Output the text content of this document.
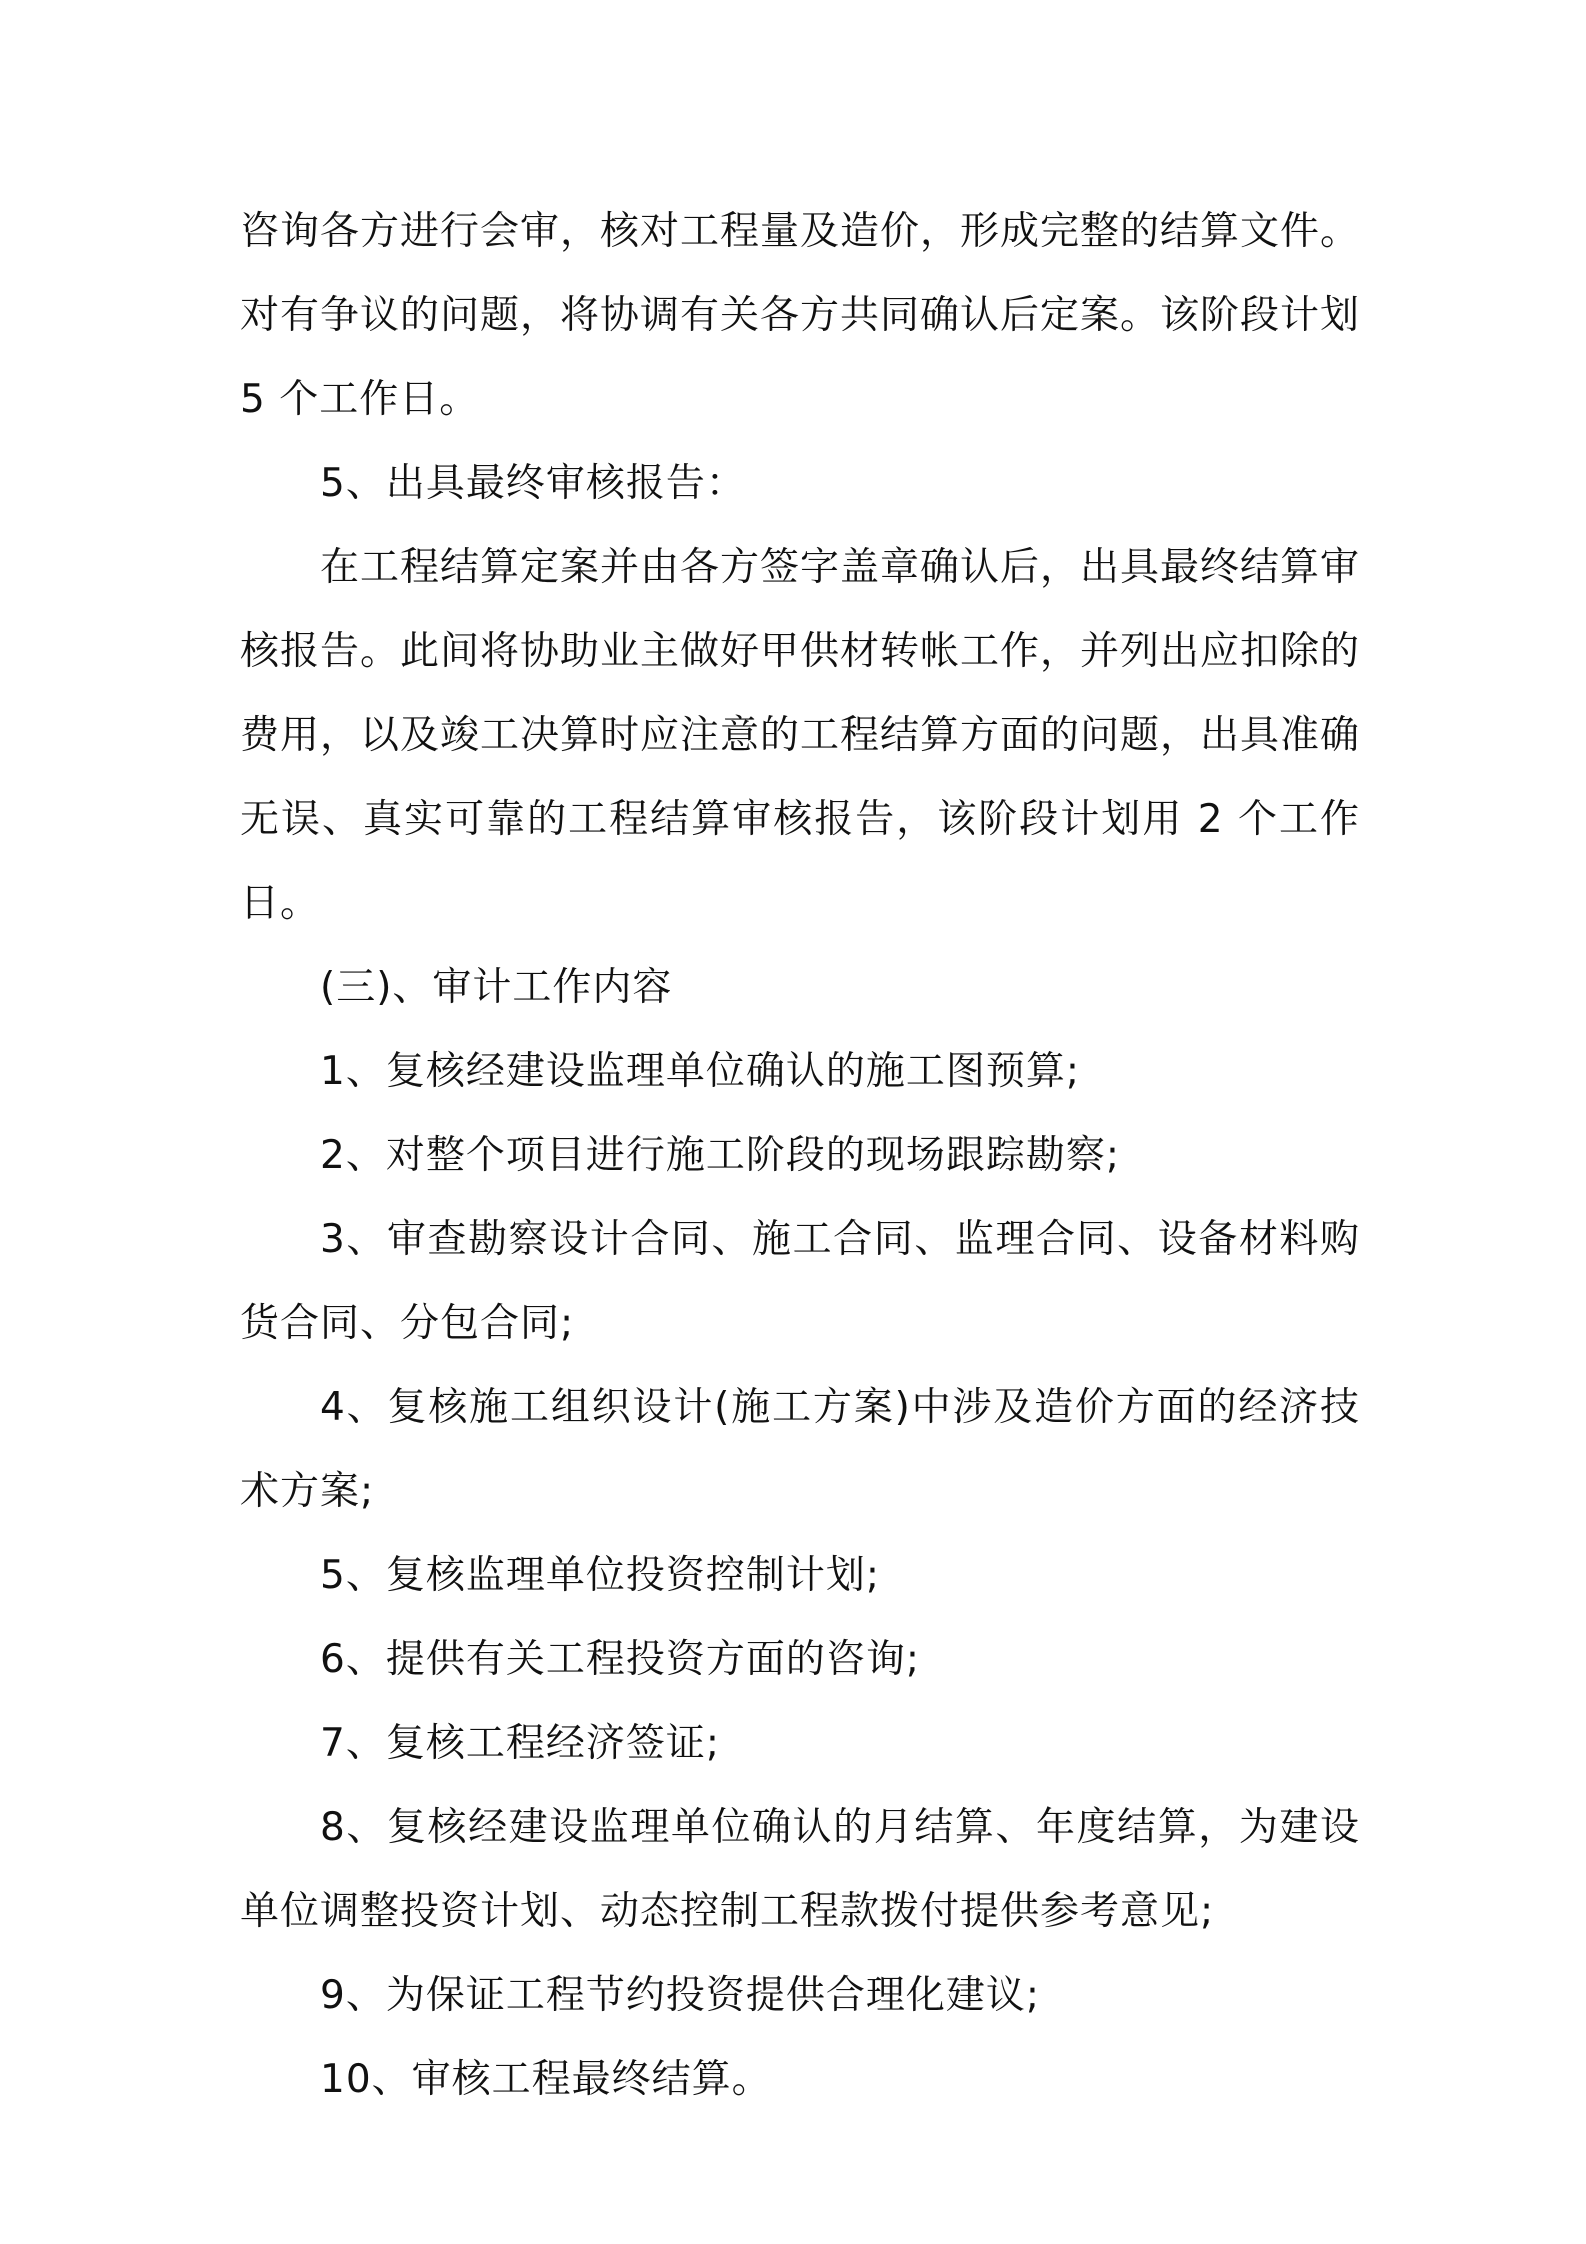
咨询各方进行会审，核对工程量及造价，形成完整的结算文件。对有争议的问题，将协调有关各方共同确认后定案。该阶段计划 5 个工作日。

5、出具最终审核报告：

在工程结算定案并由各方签字盖章确认后，出具最终结算审核报告。此间将协助业主做好甲供材转帐工作，并列出应扣除的费用，以及竣工决算时应注意的工程结算方面的问题，出具准确无误、真实可靠的工程结算审核报告，该阶段计划用 2 个工作日。

(三)、审计工作内容

1、复核经建设监理单位确认的施工图预算;

2、对整个项目进行施工阶段的现场跟踪勘察;

3、审查勘察设计合同、施工合同、监理合同、设备材料购货合同、分包合同;

4、复核施工组织设计(施工方案)中涉及造价方面的经济技术方案;

5、复核监理单位投资控制计划;

6、提供有关工程投资方面的咨询;

7、复核工程经济签证;

8、复核经建设监理单位确认的月结算、年度结算，为建设单位调整投资计划、动态控制工程款拨付提供参考意见;

9、为保证工程节约投资提供合理化建议;

10、审核工程最终结算。
